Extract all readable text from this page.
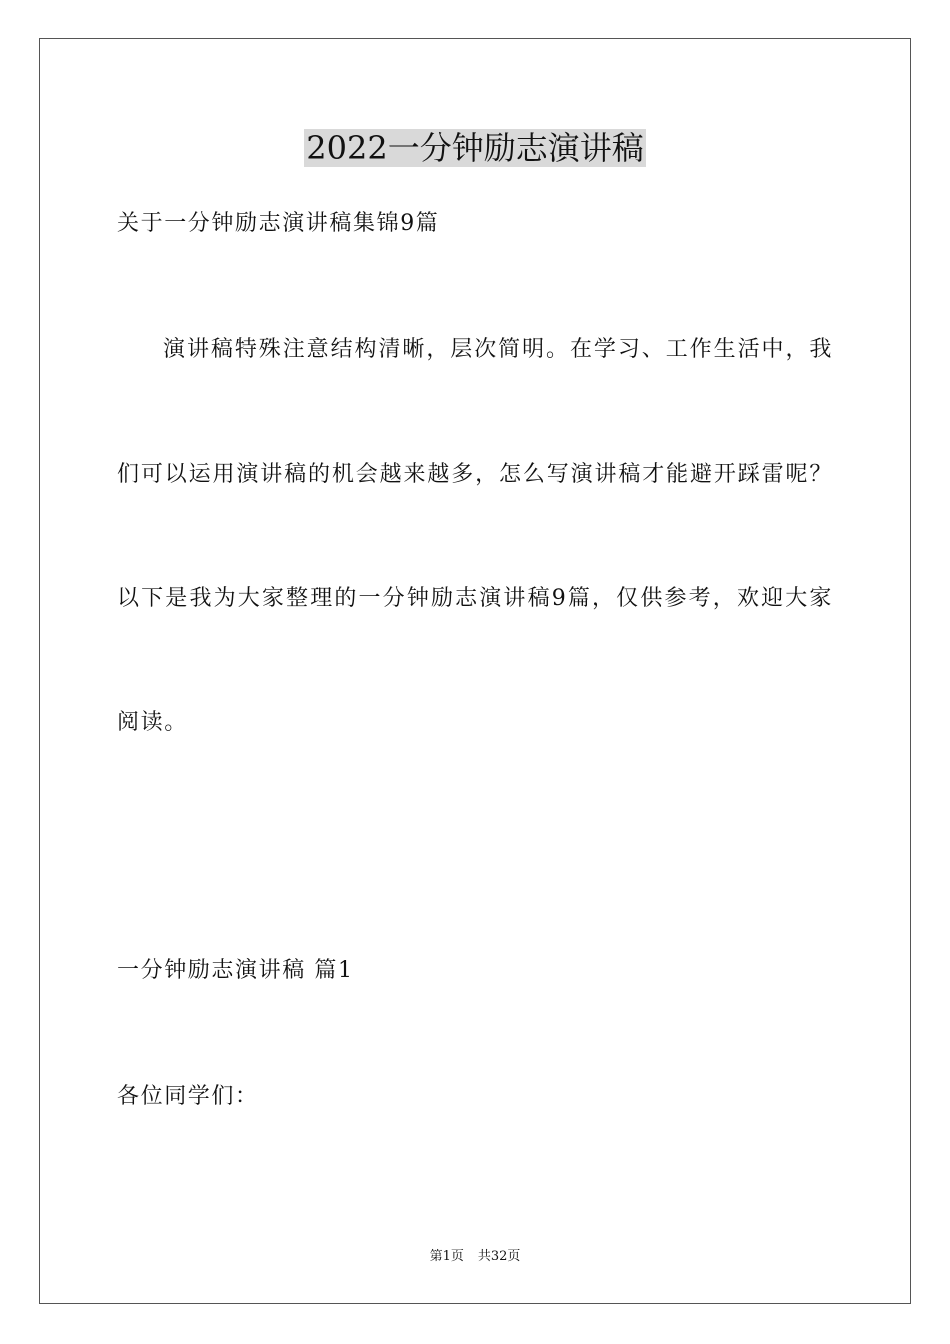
2022一分钟励志演讲稿
关于一分钟励志演讲稿集锦9篇
演讲稿特殊注意结构清晰，层次简明。在学习、工作生活中，我
们可以运用演讲稿的机会越来越多，怎么写演讲稿才能避开踩雷呢？
以下是我为大家整理的一分钟励志演讲稿9篇，仅供参考，欢迎大家
阅读。
一分钟励志演讲稿 篇1
各位同学们：
第1页 共32页
